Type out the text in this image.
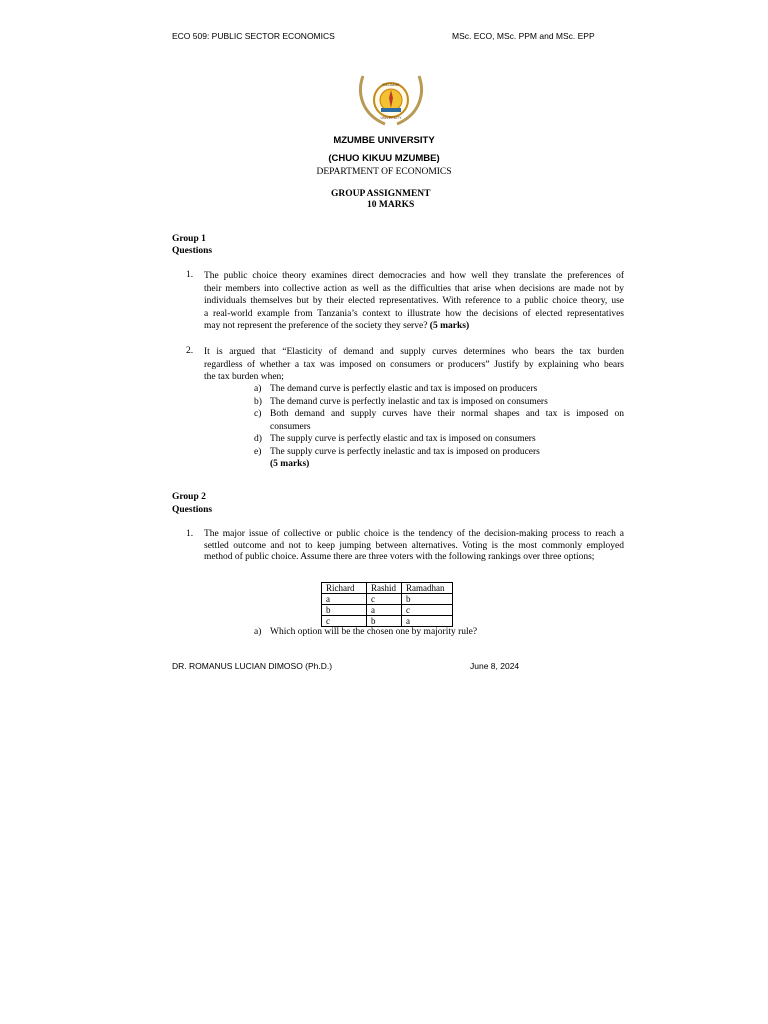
ECO 509: PUBLIC SECTOR ECONOMICS	MSc. ECO, MSc. PPM and MSc. EPP
MZUMBE
UNIVERSITY
MZUMBE UNIVERSITY
(CHUO KIKUU MZUMBE)
DEPARTMENT OF ECONOMICS
GROUP ASSIGNMENT
10 MARKS
Group 1
Questions
1. The public choice theory examines direct democracies and how well they translate the preferences of
their members into collective action as well as the difficulties that arise when decisions are made not by
individuals themselves but by their elected representatives. With reference to a public choice theory, use
a real-world example from Tanzania’s context to illustrate how the decisions of elected representatives
may not represent the preference of the society they serve? (5 marks)
2. It is argued that “Elasticity of demand and supply curves determines who bears the tax burden
regardless of whether a tax was imposed on consumers or producers” Justify by explaining who bears
the tax burden when;
a) The demand curve is perfectly elastic and tax is imposed on producers
b) The demand curve is perfectly inelastic and tax is imposed on consumers
c) Both demand and supply curves have their normal shapes and tax is imposed on
consumers
d) The supply curve is perfectly elastic and tax is imposed on consumers
e) The supply curve is perfectly inelastic and tax is imposed on producers
(5 marks)
Group 2
Questions
1. The major issue of collective or public choice is the tendency of the decision-making process to reach a
settled outcome and not to keep jumping between alternatives. Voting is the most commonly employed
method of public choice. Assume there are three voters with the following rankings over three options;
Richard	Rashid	Ramadhan
a	c	b
b	a	c
c	b	a
a) Which option will be the chosen one by majority rule?
DR. ROMANUS LUCIAN DIMOSO (Ph.D.)	June 8, 2024
